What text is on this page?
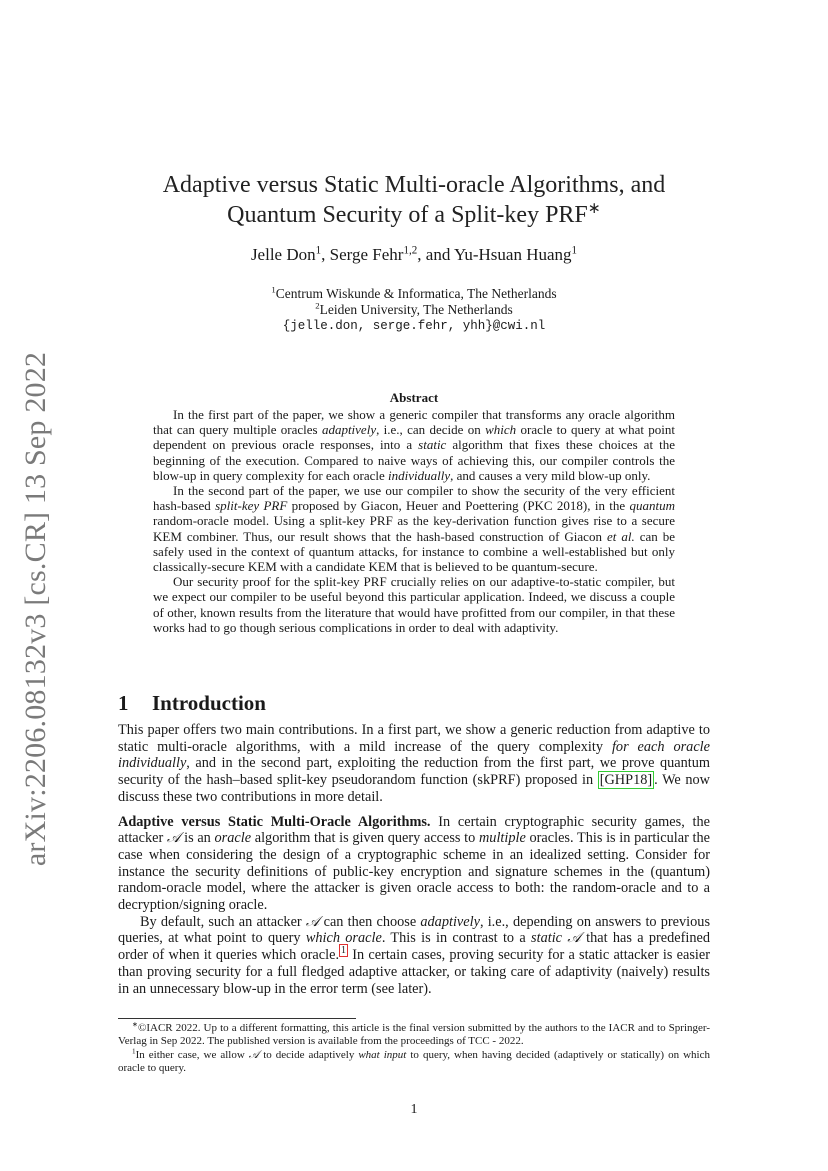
arXiv:2206.08132v3 [cs.CR] 13 Sep 2022
Adaptive versus Static Multi-oracle Algorithms, and
Quantum Security of a Split-key PRF∗
Jelle Don$^1$, Serge Fehr$^{1,2}$, and Yu-Hsuan Huang$^1$
$^1$Centrum Wiskunde & Informatica, The Netherlands
$^2$Leiden University, The Netherlands
{jelle.don, serge.fehr, yhh}@cwi.nl
Abstract

In the first part of the paper, we show a generic compiler that transforms any oracle algorithm that can query multiple oracles adaptively, i.e., can decide on which oracle to query at what point dependent on previous oracle responses, into a static algorithm that fixes these choices at the beginning of the execution. Compared to naive ways of achieving this, our compiler controls the blow-up in query complexity for each oracle individually, and causes a very mild blow-up only.

In the second part of the paper, we use our compiler to show the security of the very efficient hash-based split-key PRF proposed by Giacon, Heuer and Poettering (PKC 2018), in the quantum random-oracle model. Using a split-key PRF as the key-derivation function gives rise to a secure KEM combiner. Thus, our result shows that the hash-based construction of Giacon et al. can be safely used in the context of quantum attacks, for instance to combine a well-established but only classically-secure KEM with a candidate KEM that is believed to be quantum-secure.

Our security proof for the split-key PRF crucially relies on our adaptive-to-static compiler, but we expect our compiler to be useful beyond this particular application. Indeed, we discuss a couple of other, known results from the literature that would have profitted from our compiler, in that these works had to go though serious complications in order to deal with adaptivity.

1 Introduction

This paper offers two main contributions. In a first part, we show a generic reduction from adaptive to static multi-oracle algorithms, with a mild increase of the query complexity for each oracle individually, and in the second part, exploiting the reduction from the first part, we prove quantum security of the hash–based split-key pseudorandom function (skPRF) proposed in [GHP18] . We now discuss these two contributions in more detail.

Adaptive versus Static Multi-Oracle Algorithms. In certain cryptographic security games, the attacker 𝒜 is an oracle algorithm that is given query access to multiple oracles. This is in particular the case when considering the design of a cryptographic scheme in an idealized setting. Consider for instance the security definitions of public-key encryption and signature schemes in the (quantum) random-oracle model, where the attacker is given oracle access to both: the random-oracle and to a decryption/signing oracle.

By default, such an attacker 𝒜 can then choose adaptively, i.e., depending on answers to previous queries, at what point to query which oracle. This is in contrast to a static 𝒜 that has a predefined order of when it queries which oracle. $^1$ In certain cases, proving security for a static attacker is easier than proving security for a full fledged adaptive attacker, or taking care of adaptivity (naively) results in an unnecessary blow-up in the error term (see later).

∗©IACR 2022. Up to a different formatting, this article is the final version submitted by the authors to the IACR and to Springer-Verlag in Sep 2022. The published version is available from the proceedings of TCC - 2022.

$^1$In either case, we allow 𝒜 to decide adaptively what input to query, when having decided (adaptively or statically) on which oracle to query.

1
